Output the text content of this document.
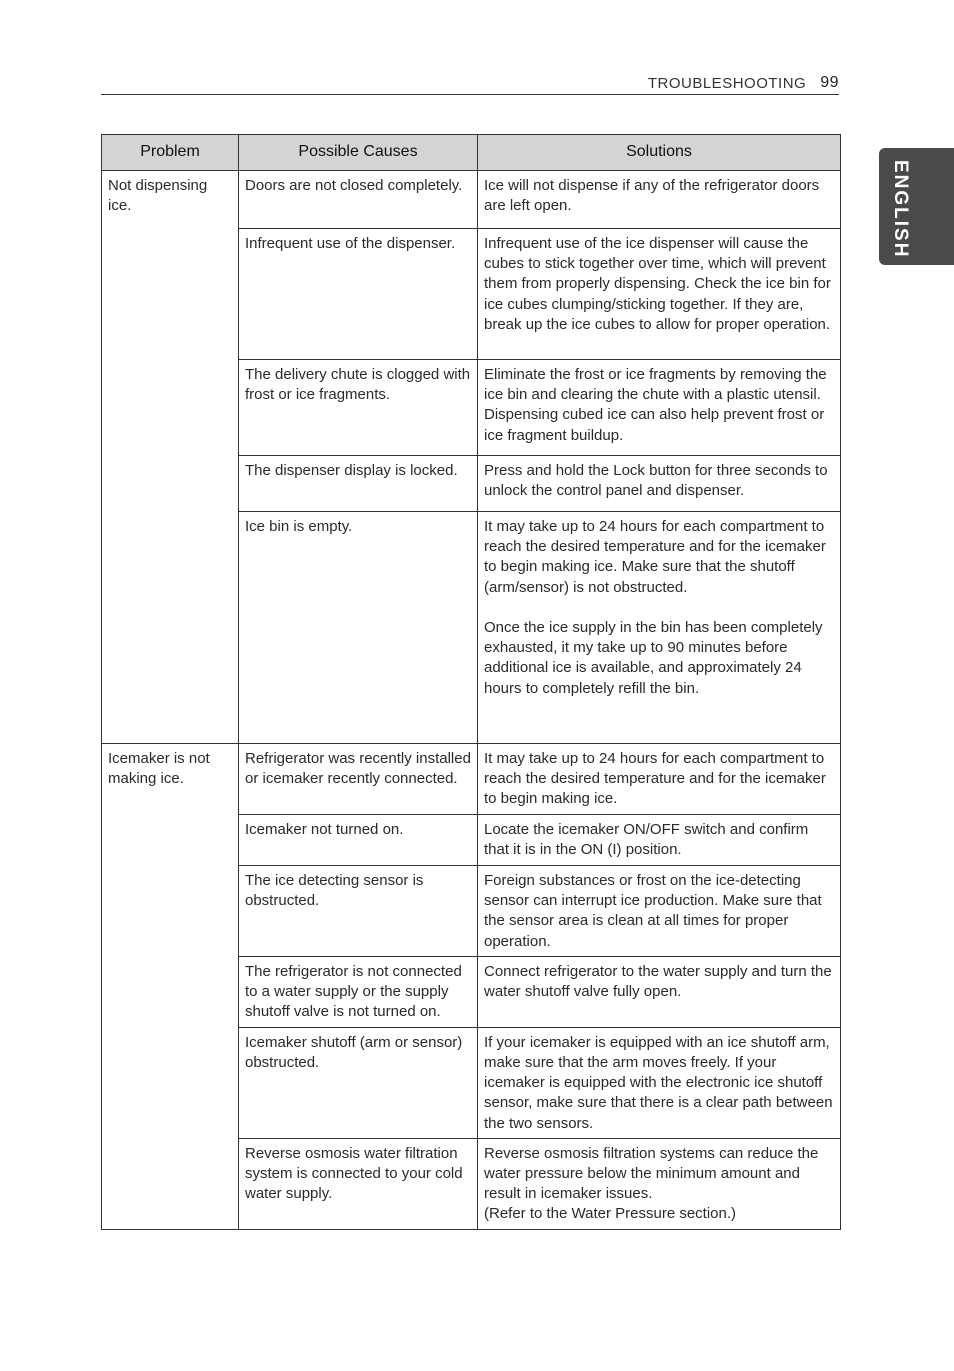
TROUBLESHOOTING 99
ENGLISH
Problem	Possible Causes	Solutions
Not dispensing ice.	Doors are not closed completely.	Ice will not dispense if any of the refrigerator doors are left open.
	Infrequent use of the dispenser.	Infrequent use of the ice dispenser will cause the cubes to stick together over time, which will prevent them from properly dispensing. Check the ice bin for ice cubes clumping/sticking together. If they are, break up the ice cubes to allow for proper operation.
	The delivery chute is clogged with frost or ice fragments.	Eliminate the frost or ice fragments by removing the ice bin and clearing the chute with a plastic utensil. Dispensing cubed ice can also help prevent frost or ice fragment buildup.
	The dispenser display is locked.	Press and hold the Lock button for three seconds to unlock the control panel and dispenser.
	Ice bin is empty.	It may take up to 24 hours for each compartment to reach the desired temperature and for the icemaker to begin making ice. Make sure that the shutoff
(arm/sensor) is not obstructed.

Once the ice supply in the bin has been completely exhausted, it my take up to 90 minutes before additional ice is available, and approximately 24 hours to completely refill the bin.
Icemaker is not making ice.	Refrigerator was recently installed or icemaker recently connected.	It may take up to 24 hours for each compartment to reach the desired temperature and for the icemaker to begin making ice.
	Icemaker not turned on.	Locate the icemaker ON/OFF switch and confirm that it is in the ON (I) position.
	The ice detecting sensor is obstructed.	Foreign substances or frost on the ice-detecting sensor can interrupt ice production. Make sure that the sensor area is clean at all times for proper operation.
	The refrigerator is not connected to a water supply or the supply shutoff valve is not turned on.	Connect refrigerator to the water supply and turn the water shutoff valve fully open.
	Icemaker shutoff (arm or sensor) obstructed.	If your icemaker is equipped with an ice shutoff arm, make sure that the arm moves freely. If your icemaker is equipped with the electronic ice shutoff sensor, make sure that there is a clear path between the two sensors.
	Reverse osmosis water filtration system is connected to your cold water supply.	Reverse osmosis filtration systems can reduce the water pressure below the minimum amount and result in icemaker issues.
(Refer to the Water Pressure section.)
